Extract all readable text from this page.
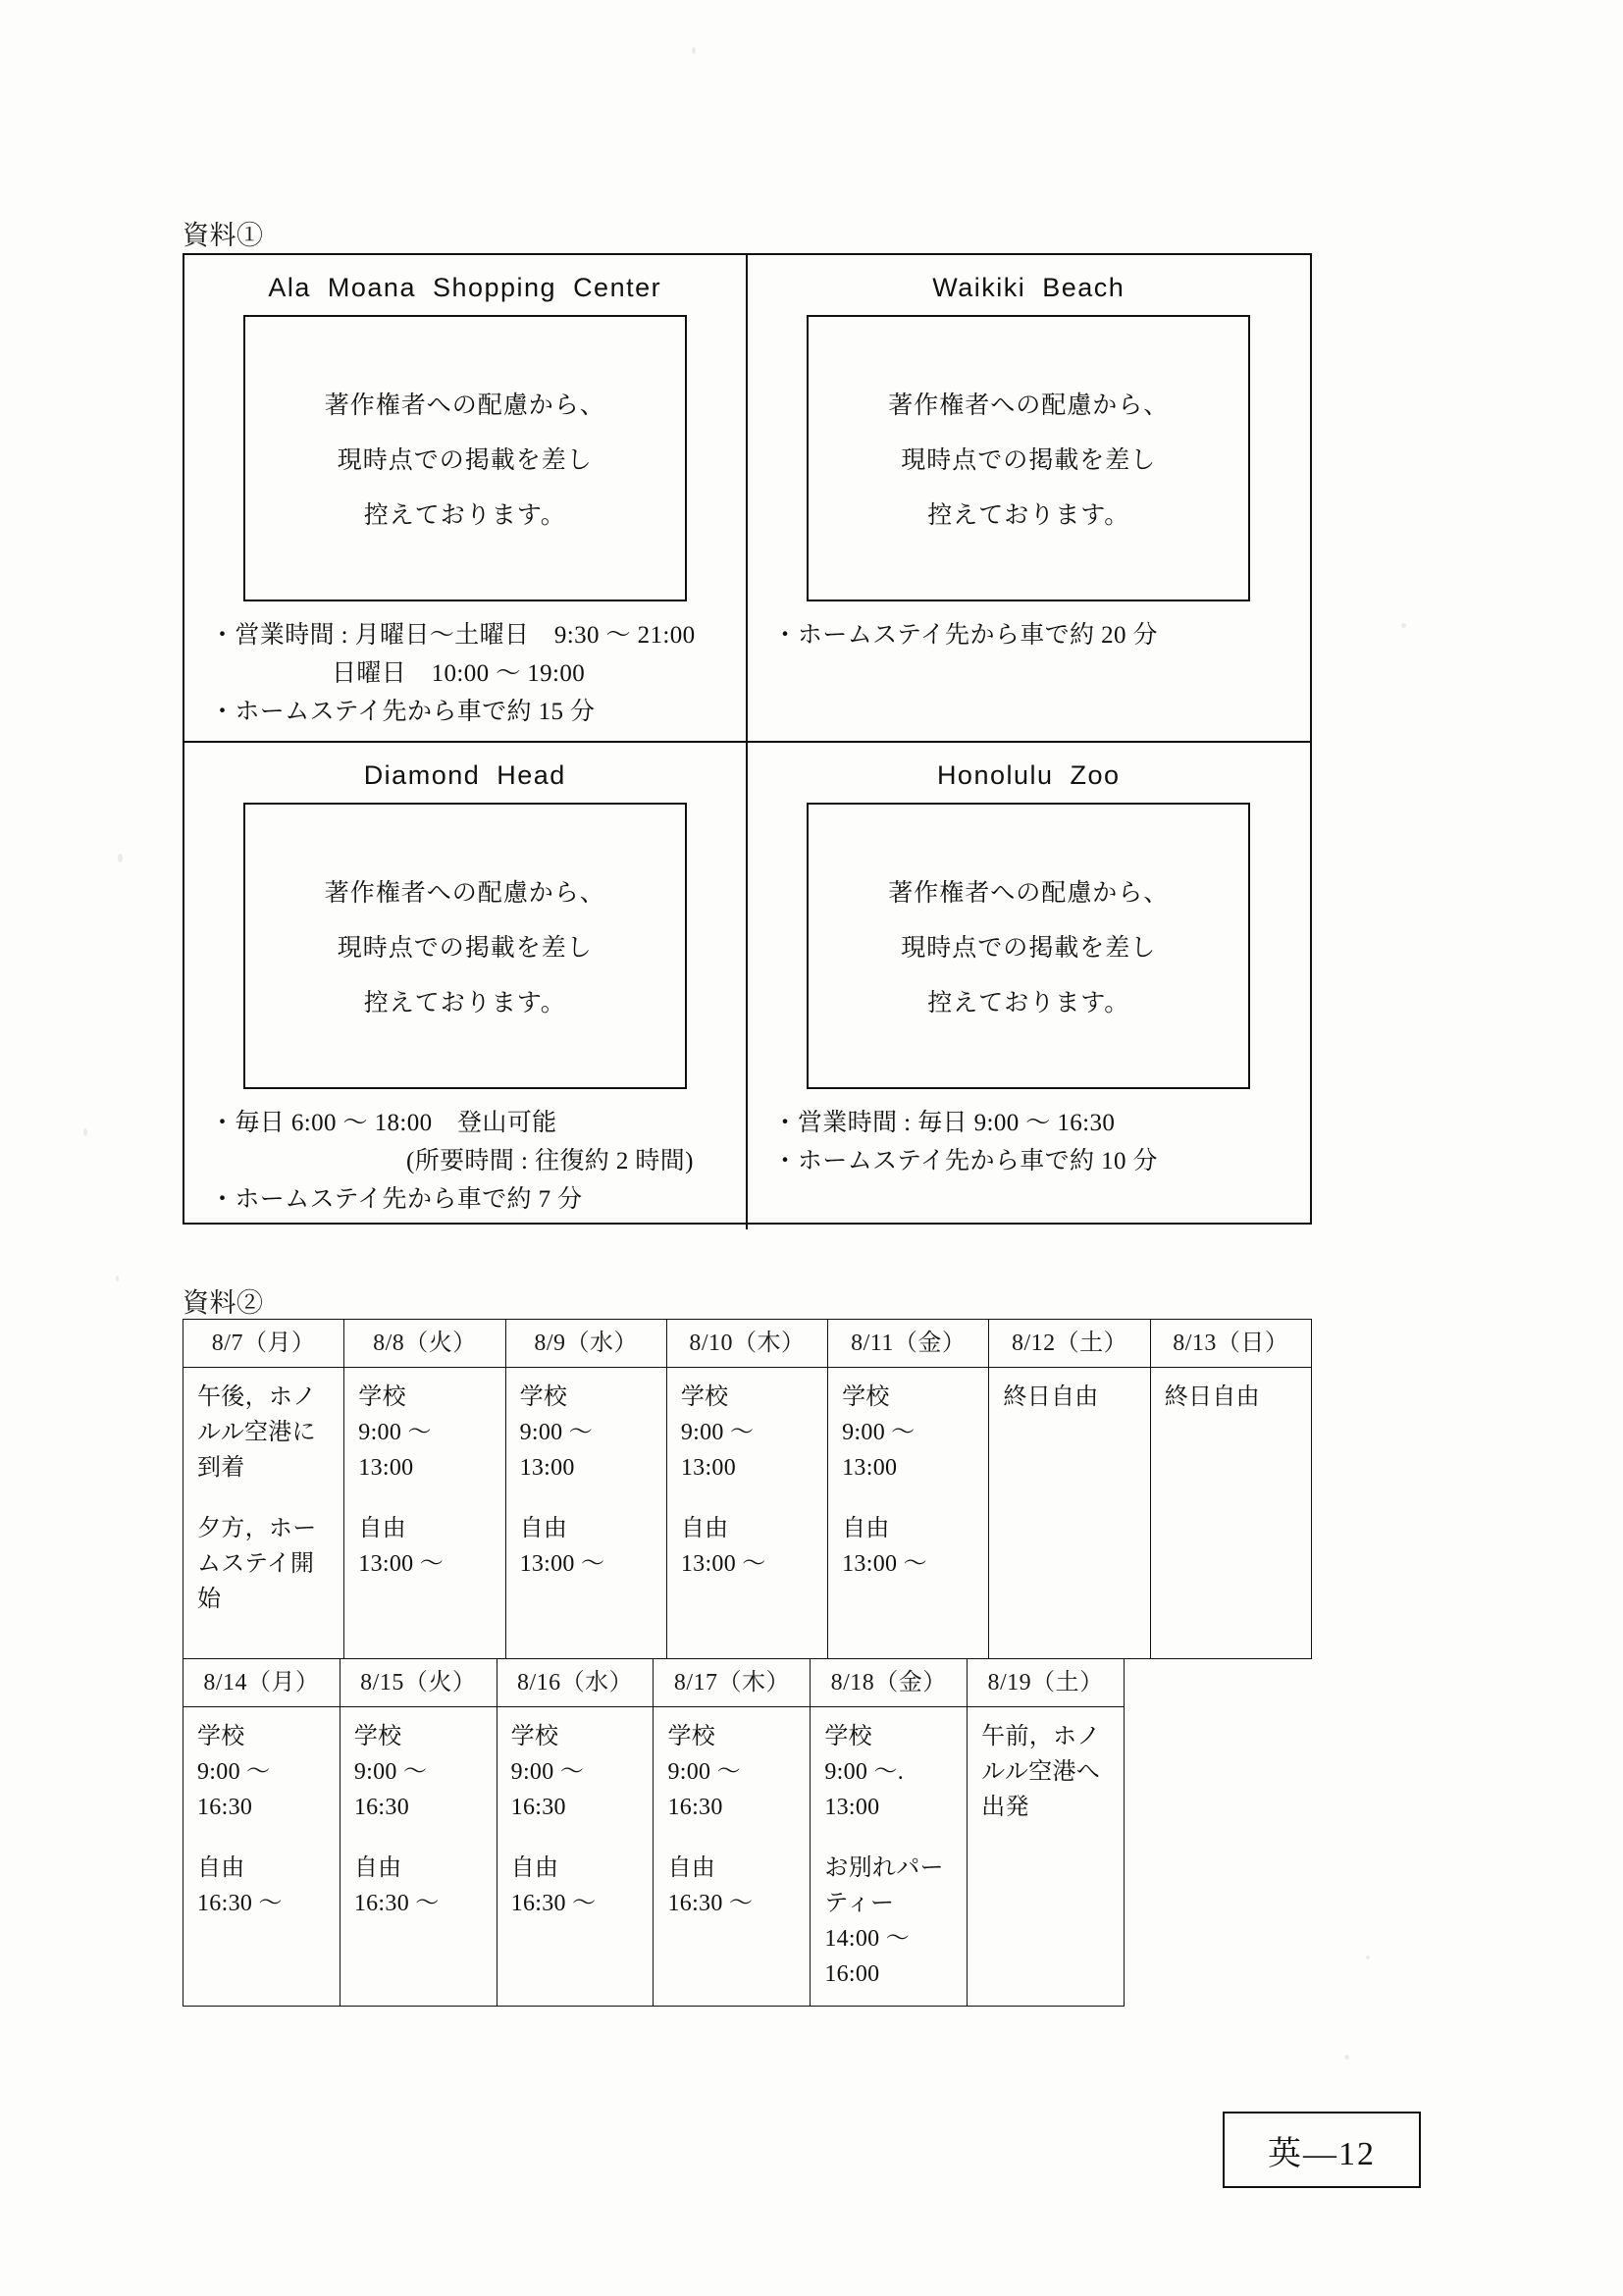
資料①
Ala Moana Shopping Center
著作権者への配慮から、
現時点での掲載を差し
控えております。
・営業時間 : 月曜日〜土曜日　9:30 〜 21:00
日曜日　10:00 〜 19:00
・ホームステイ先から車で約 15 分
Waikiki Beach
著作権者への配慮から、
現時点での掲載を差し
控えております。
・ホームステイ先から車で約 20 分
Diamond Head
著作権者への配慮から、
現時点での掲載を差し
控えております。
・毎日 6:00 〜 18:00　登山可能
(所要時間 : 往復約 2 時間)
・ホームステイ先から車で約 7 分
Honolulu Zoo
著作権者への配慮から、
現時点での掲載を差し
控えております。
・営業時間 : 毎日 9:00 〜 16:30
・ホームステイ先から車で約 10 分
資料②
8/7（月）	8/8（火）	8/9（水）	8/10（木）	8/11（金）	8/12（土）	8/13（日）

午後，ホノ
ルル空港に
到着
夕方，ホー
ムステイ開
始

学校
9:00 〜
13:00
自由
13:00 〜

学校
9:00 〜
13:00
自由
13:00 〜

学校
9:00 〜
13:00
自由
13:00 〜

学校
9:00 〜
13:00
自由
13:00 〜

終日自由	終日自由
8/14（月）	8/15（火）	8/16（水）	8/17（木）	8/18（金）	8/19（土）

学校
9:00 〜
16:30
自由
16:30 〜

学校
9:00 〜
16:30
自由
16:30 〜

学校
9:00 〜
16:30
自由
16:30 〜

学校
9:00 〜
16:30
自由
16:30 〜

学校
9:00 〜.
13:00
お別れパー
ティー
14:00 〜
16:00

午前，ホノ
ルル空港へ
出発
英—12
